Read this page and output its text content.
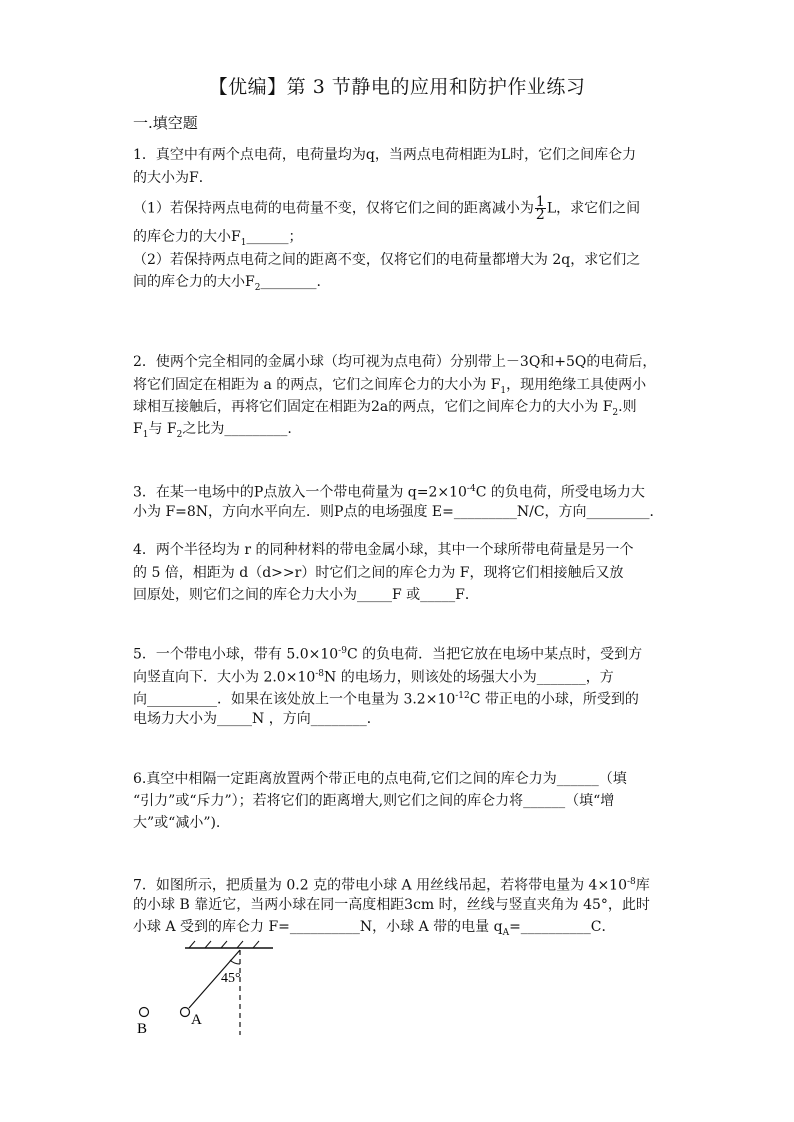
【优编】第 3 节静电的应用和防护作业练习
一.填空题
1．真空中有两个点电荷，电荷量均为q，当两点电荷相距为L时，它们之间库仑力
的大小为F．
（1）若保持两点电荷的电荷量不变，仅将它们之间的距离减小为 $\frac{1}{2}$ L，求它们之间
的库仑力的大小$F_1\_\_\_\_\_\_$；
（2）若保持两点电荷之间的距离不变，仅将它们的电荷量都增大为 2q，求它们之
间的库仑力的大小$F_2\_\_\_\_\_\_\_\_$.
2．使两个完全相同的金属小球（均可视为点电荷）分别带上－3Q和+5Q的电荷后，
将它们固定在相距为 a 的两点，它们之间库仑力的大小为 $F_1$，现用绝缘工具使两小
球相互接触后，再将它们固定在相距为2a的两点，它们之间库仑力的大小为 $F_2$.则
$F_1$与 $F_2$之比为_________.
3．在某一电场中的P点放入一个带电荷量为 $q=2\times 10^{-4}C$ 的负电荷，所受电场力大
小为 F=8N，方向水平向左．则P点的电场强度 E=_________N/C，方向_________．
4．两个半径均为 r 的同种材料的带电金属小球，其中一个球所带电荷量是另一个
的 5 倍，相距为 d（d>>r）时它们之间的库仑力为 F，现将它们相接触后又放
回原处，则它们之间的库仑力大小为_____F 或_____F．
5．一个带电小球，带有 $5.0\times 10^{-9}C$ 的负电荷．当把它放在电场中某点时，受到方
向竖直向下．大小为 $2.0\times 10^{-8}N$ 的电场力，则该处的场强大小为_______，方
向__________．如果在该处放上一个电量为 $3.2\times 10^{-12}C$ 带正电的小球，所受到的
电场力大小为_____N ，方向________．
6.真空中相隔一定距离放置两个带正电的点电荷,它们之间的库仑力为______（填
“引力”或“斥力”）；若将它们的距离增大,则它们之间的库仑力将______（填“增
大”或“减小”).
7．如图所示，把质量为 0.2 克的带电小球 A 用丝线吊起，若将带电量为 $4\times 10^{-8}$库
的小球 B 靠近它，当两小球在同一高度相距3cm 时，丝线与竖直夹角为 45°，此时
小球 A 受到的库仑力 F=__________N，小球 A 带的电量 $q_A=\_\_\_\_\_\_\_\_\_\_C$．
45°
A
B
